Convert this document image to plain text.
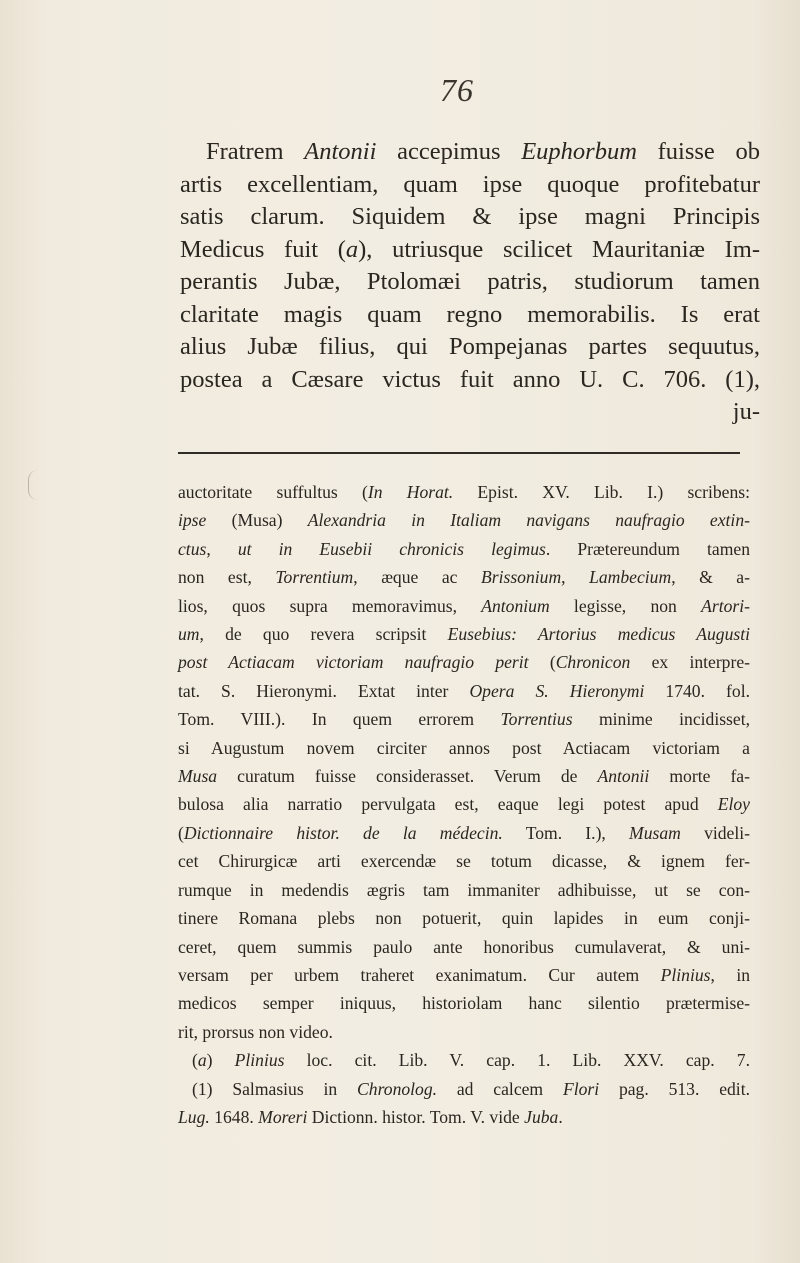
76
Fratrem Antonii accepimus Euphorbum fuisse ob
artis excellentiam, quam ipse quoque profitebatur
satis clarum. Siquidem & ipse magni Principis
Medicus fuit (a), utriusque scilicet Mauritaniæ Im-
perantis Jubæ, Ptolomæi patris, studiorum tamen
claritate magis quam regno memorabilis. Is erat
alius Jubæ filius, qui Pompejanas partes sequutus,
postea a Cæsare victus fuit anno U. C. 706. (1),
ju-
auctoritate suffultus (In Horat. Epist. XV. Lib. I.) scribens:
ipse (Musa) Alexandria in Italiam navigans naufragio extin-
ctus, ut in Eusebii chronicis legimus. Prætereundum tamen
non est, Torrentium, æque ac Brissonium, Lambecium, & a-
lios, quos supra memoravimus, Antonium legisse, non Artori-
um, de quo revera scripsit Eusebius: Artorius medicus Augusti
post Actiacam victoriam naufragio perit (Chronicon ex interpre-
tat. S. Hieronymi. Extat inter Opera S. Hieronymi 1740. fol.
Tom. VIII.). In quem errorem Torrentius minime incidisset,
si Augustum novem circiter annos post Actiacam victoriam a
Musa curatum fuisse considerasset. Verum de Antonii morte fa-
bulosa alia narratio pervulgata est, eaque legi potest apud Eloy
(Dictionnaire histor. de la médecin. Tom. I.), Musam videli-
cet Chirurgicæ arti exercendæ se totum dicasse, & ignem fer-
rumque in medendis ægris tam immaniter adhibuisse, ut se con-
tinere Romana plebs non potuerit, quin lapides in eum conji-
ceret, quem summis paulo ante honoribus cumulaverat, & uni-
versam per urbem traheret exanimatum. Cur autem Plinius, in
medicos semper iniquus, historiolam hanc silentio prætermise-
rit, prorsus non video.
(a) Plinius loc. cit. Lib. V. cap. 1. Lib. XXV. cap. 7.
(1) Salmasius in Chronolog. ad calcem Flori pag. 513. edit.
Lug. 1648. Moreri Dictionn. histor. Tom. V. vide Juba.
